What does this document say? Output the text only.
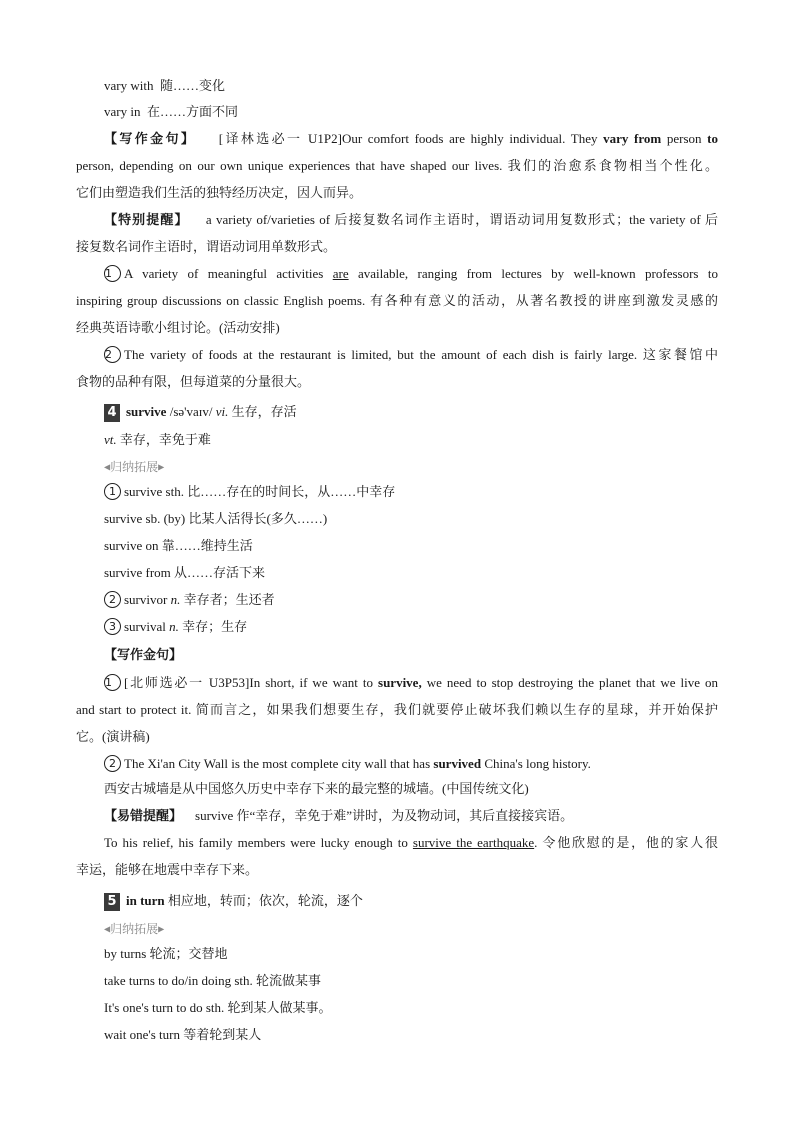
vary with 随……变化
vary in 在……方面不同
【写作金句】 [译林选必一 U1P2]Our comfort foods are highly individual. They vary from person to
person, depending on our own unique experiences that have shaped our lives. 我们的治愈系食物相当个性化。
它们由塑造我们生活的独特经历决定，因人而异。
【特别提醒】 a variety of/varieties of 后接复数名词作主语时，谓语动词用复数形式；the variety of 后
接复数名词作主语时，谓语动词用单数形式。
1 A variety of meaningful activities are available, ranging from lectures by well-known professors to
inspiring group discussions on classic English poems. 有各种有意义的活动，从著名教授的讲座到激发灵感的
经典英语诗歌小组讨论。(活动安排)
2 The variety of foods at the restaurant is limited, but the amount of each dish is fairly large. 这家餐馆中
食物的品种有限，但每道菜的分量很大。
4 survive /sə'vaɪv/ vi. 生存，存活
vt. 幸存，幸免于难
◀归纳拓展▶
1 survive sth. 比……存在的时间长，从……中幸存
survive sb. (by) 比某人活得长(多久……)
survive on 靠……维持生活
survive from 从……存活下来
2 survivor n. 幸存者；生还者
3 survival n. 幸存；生存
【写作金句】
1 [北师选必一 U3P53]In short, if we want to survive, we need to stop destroying the planet that we live on
and start to protect it. 简而言之，如果我们想要生存，我们就要停止破坏我们赖以生存的星球，并开始保护
它。(演讲稿)
2 The Xi'an City Wall is the most complete city wall that has survived China's long history.
西安古城墙是从中国悠久历史中幸存下来的最完整的城墙。(中国传统文化)
【易错提醒】 survive 作“幸存，幸免于难”讲时，为及物动词，其后直接接宾语。
To his relief, his family members were lucky enough to survive the earthquake. 令他欣慰的是，他的家人很
幸运，能够在地震中幸存下来。
5 in turn 相应地，转而；依次，轮流，逐个
◀归纳拓展▶
by turns 轮流；交替地
take turns to do/in doing sth. 轮流做某事
It's one's turn to do sth. 轮到某人做某事。
wait one's turn 等着轮到某人
